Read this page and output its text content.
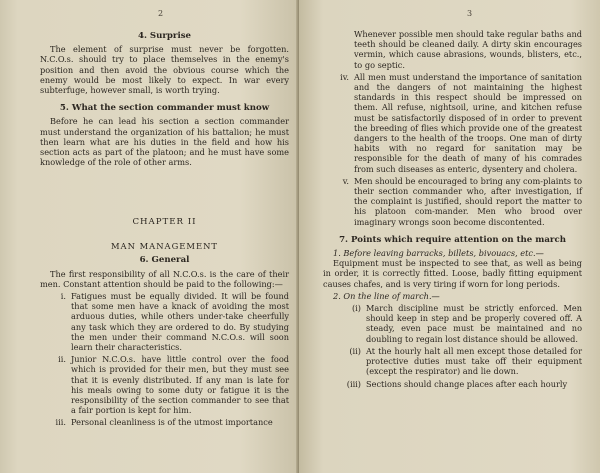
2
4. Surprise

The element of surprise must never be forgotten. N.C.O.s. should try to place themselves in the enemy's position and then avoid the obvious course which the enemy would be most likely to expect. In war every subterfuge, however small, is worth trying.

5. What the section commander must know

Before he can lead his section a section commander must understand the organization of his battalion; he must then learn what are his duties in the field and how his section acts as part of the platoon; and he must have some knowledge of the role of other arms.

CHAPTER II
MAN MANAGEMENT
6. General

The first responsibility of all N.C.O.s. is the care of their men. Constant attention should be paid to the following:—

i. Fatigues must be equally divided. It will be found that some men have a knack of avoiding the most arduous duties, while others under-take cheerfully any task which they are ordered to do. By studying the men under their command N.C.O.s. will soon learn their characteristics.
ii. Junior N.C.O.s. have little control over the food which is provided for their men, but they must see that it is evenly distributed. If any man is late for his meals owing to some duty or fatigue it is the responsibility of the section commander to see that a fair portion is kept for him.
iii. Personal cleanliness is of the utmost importance
3
Whenever possible men should take regular baths and teeth should be cleaned daily. A dirty skin encourages vermin, which cause abrasions, wounds, blisters, etc., to go septic.
iv. All men must understand the importance of sanitation and the dangers of not maintaining the highest standards in this respect should be impressed on them. All refuse, nightsoil, urine, and kitchen refuse must be satisfactorily disposed of in order to prevent the breeding of flies which provide one of the greatest dangers to the health of the troops. One man of dirty habits with no regard for sanitation may be responsible for the death of many of his comrades from such diseases as enteric, dysentery and cholera.
v. Men should be encouraged to bring any com-plaints to their section commander who, after investigation, if the complaint is justified, should report the matter to his platoon com-mander. Men who brood over imaginary wrongs soon become discontented.
7. Points which require attention on the march

1. Before leaving barracks, billets, bivouacs, etc.—

Equipment must be inspected to see that, as well as being in order, it is correctly fitted. Loose, badly fitting equipment causes chafes, and is very tiring if worn for long periods.

2. On the line of march.—

(i) March discipline must be strictly enforced. Men should keep in step and be properly covered off. A steady, even pace must be maintained and no doubling to regain lost distance should be allowed.
(ii) At the hourly halt all men except those detailed for protective duties must take off their equipment (except the respirator) and lie down.
(iii) Sections should change places after each hourly
